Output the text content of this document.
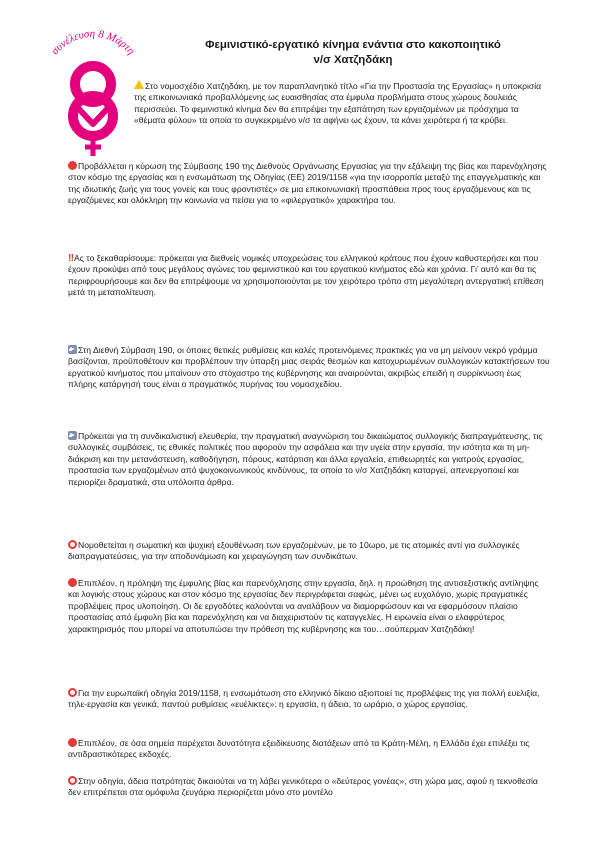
συνέλευση 8 Μάρτη
Φεμινιστικό-εργατικό κίνημα ενάντια στο κακοποιητικό
ν/σ Χατζηδάκη

Στο νομοσχέδιο Χατζηδάκη, με τον παραπλανητικό τίτλο «Για την Προστασία της Εργασίας» η υποκρισία της επικοινωνιακά προβαλλόμενης ως ευαισθησίας στα έμφυλα προβλήματα στους χώρους δουλειάς περισσεύει. Το φεμινιστικό κίνημα δεν θα επιτρέψει την εξαπάτηση των εργαζομένων με πρόσχημα τα «θέματα φύλου» τα οποία το συγκεκριμένο ν/σ τα αφήνει ως έχουν, τα κάνει χειρότερα ή τα κρύβει.

Προβάλλεται η κύρωση της Σύμβασης 190 της Διεθνούς Οργάνωσης Εργασίας για την εξάλειψη της βίας και παρενόχλησης στον κόσμο της εργασίας και η ενσωμάτωση της Οδηγίας (ΕΕ) 2019/1158 «για την ισορροπία μεταξύ της επαγγελματικής και της ιδιωτικής ζωής για τους γονείς και τους φροντιστές» σε μια επικοινωνιακή προσπάθεια προς τους εργαζόμενους και τις εργαζόμενες και ολόκληρη την κοινωνία να πείσει για το «φιλεργατικό» χαρακτήρα του.

‼Ας το ξεκαθαρίσουμε: πρόκειται για διεθνείς νομικές υποχρεώσεις του ελληνικού κράτους που έχουν καθυστερήσει και που έχουν προκύψει από τους μεγάλους αγώνες του φεμινιστικού και του εργατικού κινήματος εδώ και χρόνια. Γι’ αυτό και θα τις περιφρουρήσουμε και δεν θα επιτρέψουμε να χρησιμοποιούνται με τον χειρότερο τρόπο στη μεγαλύτερη αντεργατική επίθεση μετά τη μεταπολίτευση.

Στη Διεθνή Σύμβαση 190, οι όποιες θετικές ρυθμίσεις και καλές προτεινόμενες πρακτικές για να μη μείνουν νεκρό γράμμα βασίζονται, προϋποθέτουν και προβλέπουν την ύπαρξη μιας σειράς θεσμών και κατοχυρωμένων συλλογικών κατακτήσεων του εργατικού κινήματος που μπαίνουν στο στόχαστρο της κυβέρνησης και αναιρούνται, ακριβώς επειδή η συρρίκνωση έως πλήρης κατάργησή τους είναι ο πραγματικός πυρήνας του νομοσχεδίου.

Πρόκειται για τη συνδικαλιστική ελευθερία, την πραγματική αναγνώριση του δικαιώματος συλλογικής διαπραγμάτευσης, τις συλλογικές συμβάσεις, τις εθνικές πολιτικές που αφορούν την ασφάλεια και την υγεία στην εργασία, την ισότητα και τη μη-διάκριση και την μετανάστευση, καθοδήγηση, πόρους, κατάρτιση και άλλα εργαλεία, επιθεωρητές και γιατρούς εργασίας, προστασία των εργαζομένων από ψυχοκοινωνικούς κινδύνους, τα οποία το ν/σ Χατζηδάκη καταργεί, απενεργοποιεί και περιορίζει δραματικά, στα υπόλοιπα άρθρα.

Νομοθετείται η σωματική και ψυχική εξουθένωση των εργαζομένων, με το 10ωρο, με τις ατομικές αντί για συλλογικές διαπραγματεύσεις, για την αποδυνάμωση και χειραγώγηση των συνδικάτων.

Επιπλέον, η πρόληψη της έμφυλης βίας και παρενόχλησης στην εργασία, δηλ. η προώθηση της αντισεξιστικής αντίληψης και λογικής στους χώρους και στον κόσμο της εργασίας δεν περιγράφεται σαφώς, μένει ως ευχολόγιο, χωρίς πραγματικές προβλέψεις προς υλοποίηση. Οι δε εργοδότες καλούνται να αναλάβουν να διαμορφώσουν και να εφαρμόσουν πλαίσιο προστασίας από έμφυλη βία και παρενόχληση και να διαχειριστούν τις καταγγελίες. Η ειρωνεία είναι ο ελαφρύτερος χαρακτηρισμός που μπορεί να αποτυπώσει την πρόθεση της κυβέρνησης και του…σούπερμαν Χατζηδάκη!

Για την ευρωπαϊκή οδηγία 2019/1158, η ενσωμάτωση στο ελληνικό δίκαιο αξιοποιεί τις προβλέψεις της για πολλή ευελιξία, τηλε-εργασία και γενικά, παντού ρυθμίσεις «ευέλικτες»: η εργασία, η άδεια, το ωράριο, ο χώρος εργασίας.

Επιπλέον, σε όσα σημεία παρέχεται δυνατότητα εξειδίκευσης διατάξεων από τα Κράτη-Μέλη, η Ελλάδα έχει επιλέξει τις αντιδραστικότερες εκδοχές.

Στην οδηγία, άδεια πατρότητας δικαιούται να τη λάβει γενικότερα ο «δεύτερος γονέας», στη χώρα μας, αφού η τεκνοθεσία δεν επιτρέπεται στα ομόφυλα ζευγάρια περιορίζεται μόνο στο μοντέλο
